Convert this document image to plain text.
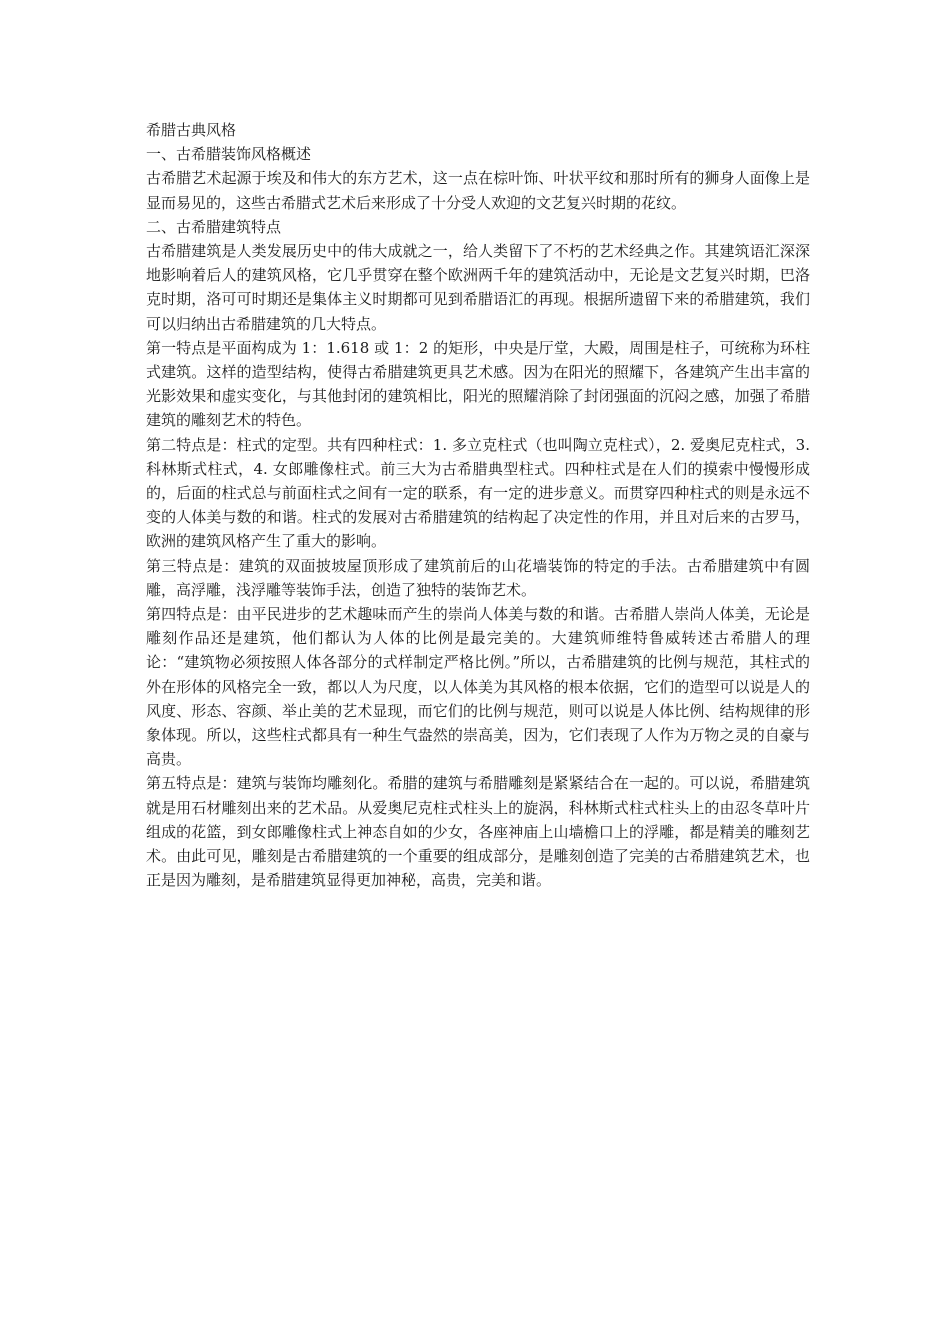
希腊古典风格

一、古希腊装饰风格概述

古希腊艺术起源于埃及和伟大的东方艺术，这一点在棕叶饰、叶状平纹和那时所有的狮身人面像上是显而易见的，这些古希腊式艺术后来形成了十分受人欢迎的文艺复兴时期的花纹。

二、古希腊建筑特点

古希腊建筑是人类发展历史中的伟大成就之一，给人类留下了不朽的艺术经典之作。其建筑语汇深深地影响着后人的建筑风格，它几乎贯穿在整个欧洲两千年的建筑活动中，无论是文艺复兴时期，巴洛克时期，洛可可时期还是集体主义时期都可见到希腊语汇的再现。根据所遗留下来的希腊建筑，我们可以归纳出古希腊建筑的几大特点。

第一特点是平面构成为 1：1.618 或 1：2 的矩形，中央是厅堂，大殿，周围是柱子，可统称为环柱式建筑。这样的造型结构，使得古希腊建筑更具艺术感。因为在阳光的照耀下，各建筑产生出丰富的光影效果和虚实变化，与其他封闭的建筑相比，阳光的照耀消除了封闭强面的沉闷之感，加强了希腊建筑的雕刻艺术的特色。

第二特点是：柱式的定型。共有四种柱式：1. 多立克柱式（也叫陶立克柱式），2. 爱奥尼克柱式，3. 科林斯式柱式，4. 女郎雕像柱式。前三大为古希腊典型柱式。四种柱式是在人们的摸索中慢慢形成的，后面的柱式总与前面柱式之间有一定的联系，有一定的进步意义。而贯穿四种柱式的则是永远不变的人体美与数的和谐。柱式的发展对古希腊建筑的结构起了决定性的作用，并且对后来的古罗马，欧洲的建筑风格产生了重大的影响。

第三特点是：建筑的双面披坡屋顶形成了建筑前后的山花墙装饰的特定的手法。古希腊建筑中有圆雕，高浮雕，浅浮雕等装饰手法，创造了独特的装饰艺术。

第四特点是：由平民进步的艺术趣味而产生的崇尚人体美与数的和谐。古希腊人崇尚人体美，无论是雕刻作品还是建筑，他们都认为人体的比例是最完美的。大建筑师维特鲁威转述古希腊人的理论：“建筑物必须按照人体各部分的式样制定严格比例。”所以，古希腊建筑的比例与规范，其柱式的外在形体的风格完全一致，都以人为尺度，以人体美为其风格的根本依据，它们的造型可以说是人的风度、形态、容颜、举止美的艺术显现，而它们的比例与规范，则可以说是人体比例、结构规律的形象体现。所以，这些柱式都具有一种生气盎然的崇高美，因为，它们表现了人作为万物之灵的自豪与高贵。

第五特点是：建筑与装饰均雕刻化。希腊的建筑与希腊雕刻是紧紧结合在一起的。可以说，希腊建筑就是用石材雕刻出来的艺术品。从爱奥尼克柱式柱头上的旋涡，科林斯式柱式柱头上的由忍冬草叶片组成的花篮，到女郎雕像柱式上神态自如的少女，各座神庙上山墙檐口上的浮雕，都是精美的雕刻艺术。由此可见，雕刻是古希腊建筑的一个重要的组成部分，是雕刻创造了完美的古希腊建筑艺术，也正是因为雕刻，是希腊建筑显得更加神秘，高贵，完美和谐。
